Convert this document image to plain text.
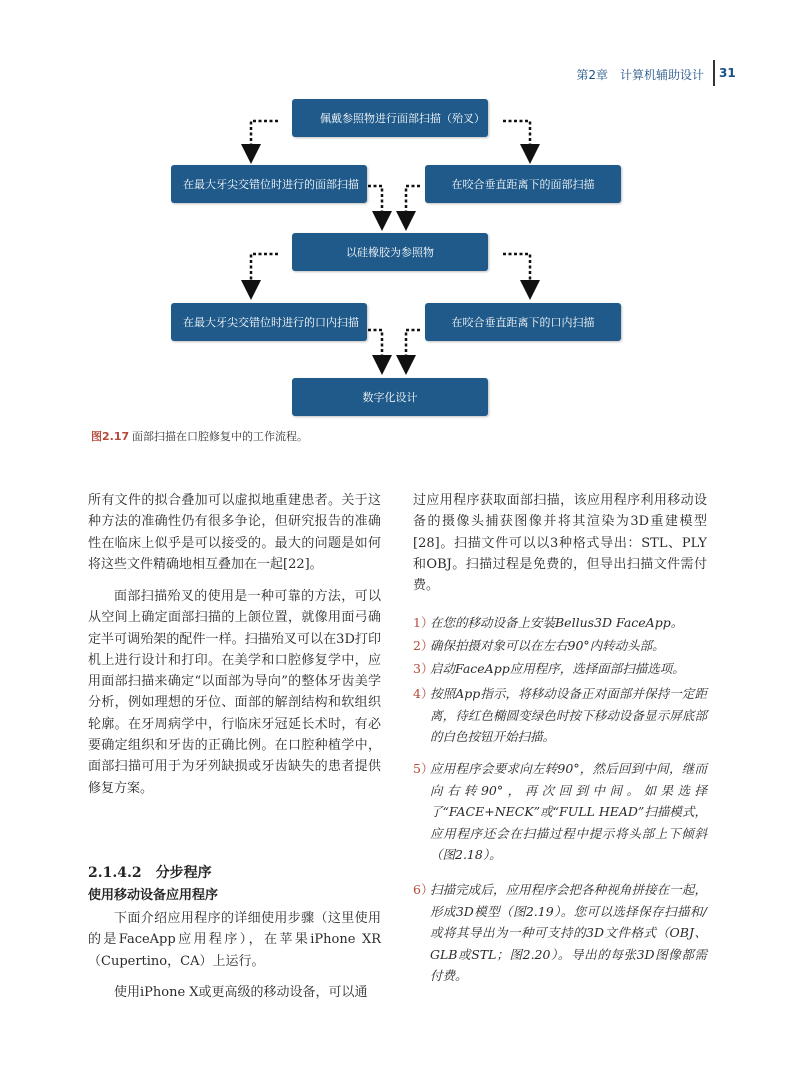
第2章　计算机辅助设计 31
佩戴参照物进行面部扫描（殆叉）
在最大牙尖交错位时进行的面部扫描	在咬合垂直距离下的面部扫描
以硅橡胶为参照物
在最大牙尖交错位时进行的口内扫描	在咬合垂直距离下的口内扫描
数字化设计
图2.17 面部扫描在口腔修复中的工作流程。
所有文件的拟合叠加可以虚拟地重建患者。关于这种方法的准确性仍有很多争论，但研究报告的准确性在临床上似乎是可以接受的。最大的问题是如何将这些文件精确地相互叠加在一起[22]。
面部扫描殆叉的使用是一种可靠的方法，可以从空间上确定面部扫描的上颌位置，就像用面弓确定半可调殆架的配件一样。扫描殆叉可以在3D打印机上进行设计和打印。在美学和口腔修复学中，应用面部扫描来确定“以面部为导向”的整体牙齿美学分析，例如理想的牙位、面部的解剖结构和软组织轮廓。在牙周病学中，行临床牙冠延长术时，有必要确定组织和牙齿的正确比例。在口腔种植学中，面部扫描可用于为牙列缺损或牙齿缺失的患者提供修复方案。
2.1.4.2　分步程序
使用移动设备应用程序
下面介绍应用程序的详细使用步骤（这里使用的是FaceApp应用程序），在苹果iPhone XR（Cupertino，CA）上运行。
使用iPhone X或更高级的移动设备，可以通
过应用程序获取面部扫描，该应用程序利用移动设备的摄像头捕获图像并将其渲染为3D重建模型[28]。扫描文件可以以3种格式导出：STL、PLY和OBJ。扫描过程是免费的，但导出扫描文件需付费。
1）
在您的移动设备上安装Bellus3D FaceApp。
2）
确保拍摄对象可以在左右90°内转动头部。
3）
启动FaceApp应用程序，选择面部扫描选项。
4）
按照App指示，将移动设备正对面部并保持一定距离，待红色椭圆变绿色时按下移动设备显示屏底部的白色按钮开始扫描。
5）
应用程序会要求向左转90°，然后回到中间，继而向右转90°，再次回到中间。如果选择了“FACE+NECK”或“FULL HEAD”扫描模式，应用程序还会在扫描过程中提示将头部上下倾斜（图2.18）。
6）
扫描完成后，应用程序会把各种视角拼接在一起，形成3D模型（图2.19）。您可以选择保存扫描和/或将其导出为一种可支持的3D文件格式（OBJ、GLB或STL；图2.20）。导出的每张3D图像都需付费。
